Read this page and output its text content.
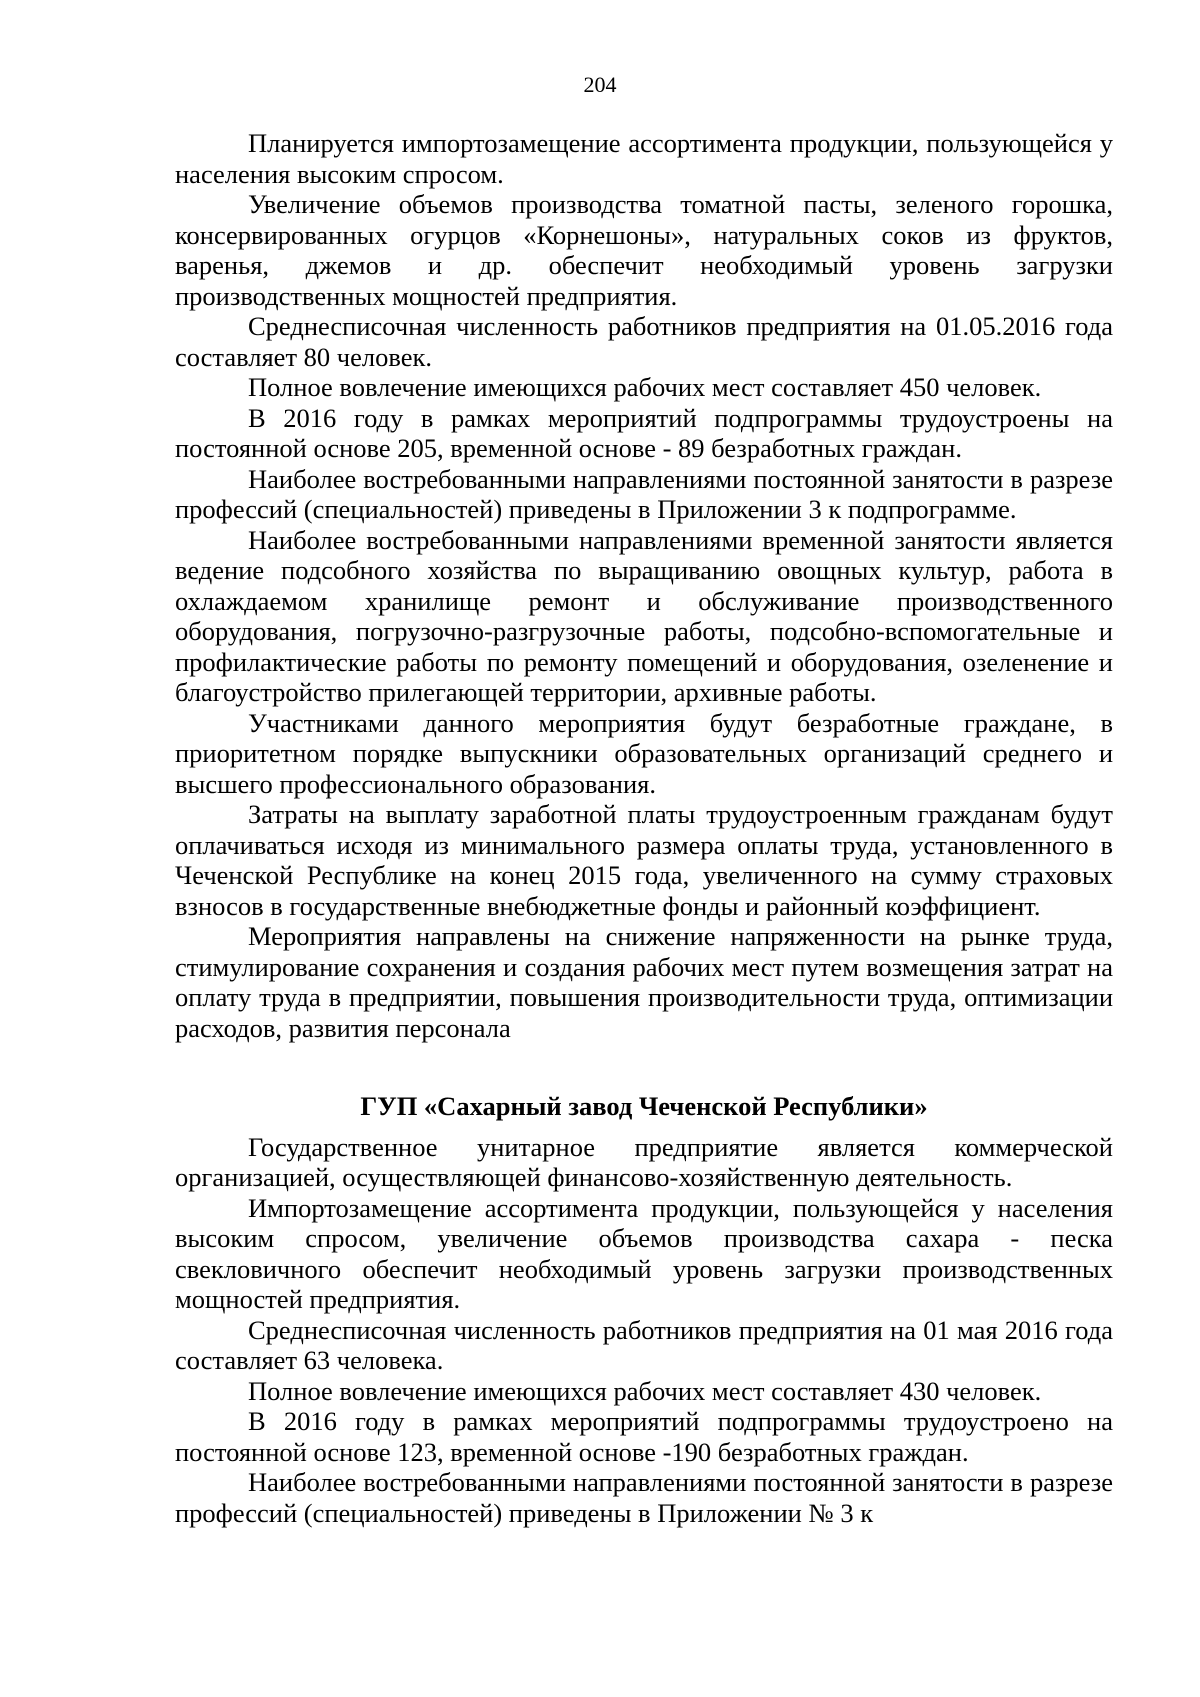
204

Планируется импортозамещение ассортимента продукции, пользующейся у населения высоким спросом.

Увеличение объемов производства томатной пасты, зеленого горошка, консервированных огурцов «Корнешоны», натуральных соков из фруктов, варенья, джемов и др. обеспечит необходимый уровень загрузки производственных мощностей предприятия.

Среднесписочная численность работников предприятия на 01.05.2016 года составляет 80 человек.

Полное вовлечение имеющихся рабочих мест составляет 450 человек.

В 2016 году в рамках мероприятий подпрограммы трудоустроены на постоянной основе 205, временной основе - 89 безработных граждан.

Наиболее востребованными направлениями постоянной занятости в разрезе профессий (специальностей) приведены в Приложении 3 к подпрограмме.

Наиболее востребованными направлениями временной занятости является ведение подсобного хозяйства по выращиванию овощных культур, работа в охлаждаемом хранилище ремонт и обслуживание производственного оборудования, погрузочно-разгрузочные работы, подсобно-вспомогательные и профилактические работы по ремонту помещений и оборудования, озеленение и благоустройство прилегающей территории, архивные работы.

Участниками данного мероприятия будут безработные граждане, в приоритетном порядке выпускники образовательных организаций среднего и высшего профессионального образования.

Затраты на выплату заработной платы трудоустроенным гражданам будут оплачиваться исходя из минимального размера оплаты труда, установленного в Чеченской Республике на конец 2015 года, увеличенного на сумму страховых взносов в государственные внебюджетные фонды и районный коэффициент.

Мероприятия направлены на снижение напряженности на рынке труда, стимулирование сохранения и создания рабочих мест путем возмещения затрат на оплату труда в предприятии, повышения производительности труда, оптимизации расходов, развития персонала

ГУП «Сахарный завод Чеченской Республики»

Государственное унитарное предприятие является коммерческой организацией, осуществляющей финансово-хозяйственную деятельность.

Импортозамещение ассортимента продукции, пользующейся у населения высоким спросом, увеличение объемов производства сахара - песка свекловичного обеспечит необходимый уровень загрузки производственных мощностей предприятия.

Среднесписочная численность работников предприятия на 01 мая 2016 года составляет 63 человека.

Полное вовлечение имеющихся рабочих мест составляет 430 человек.

В 2016 году в рамках мероприятий подпрограммы трудоустроено на постоянной основе 123, временной основе -190 безработных граждан.

Наиболее востребованными направлениями постоянной занятости в разрезе профессий (специальностей) приведены в Приложении № 3 к
